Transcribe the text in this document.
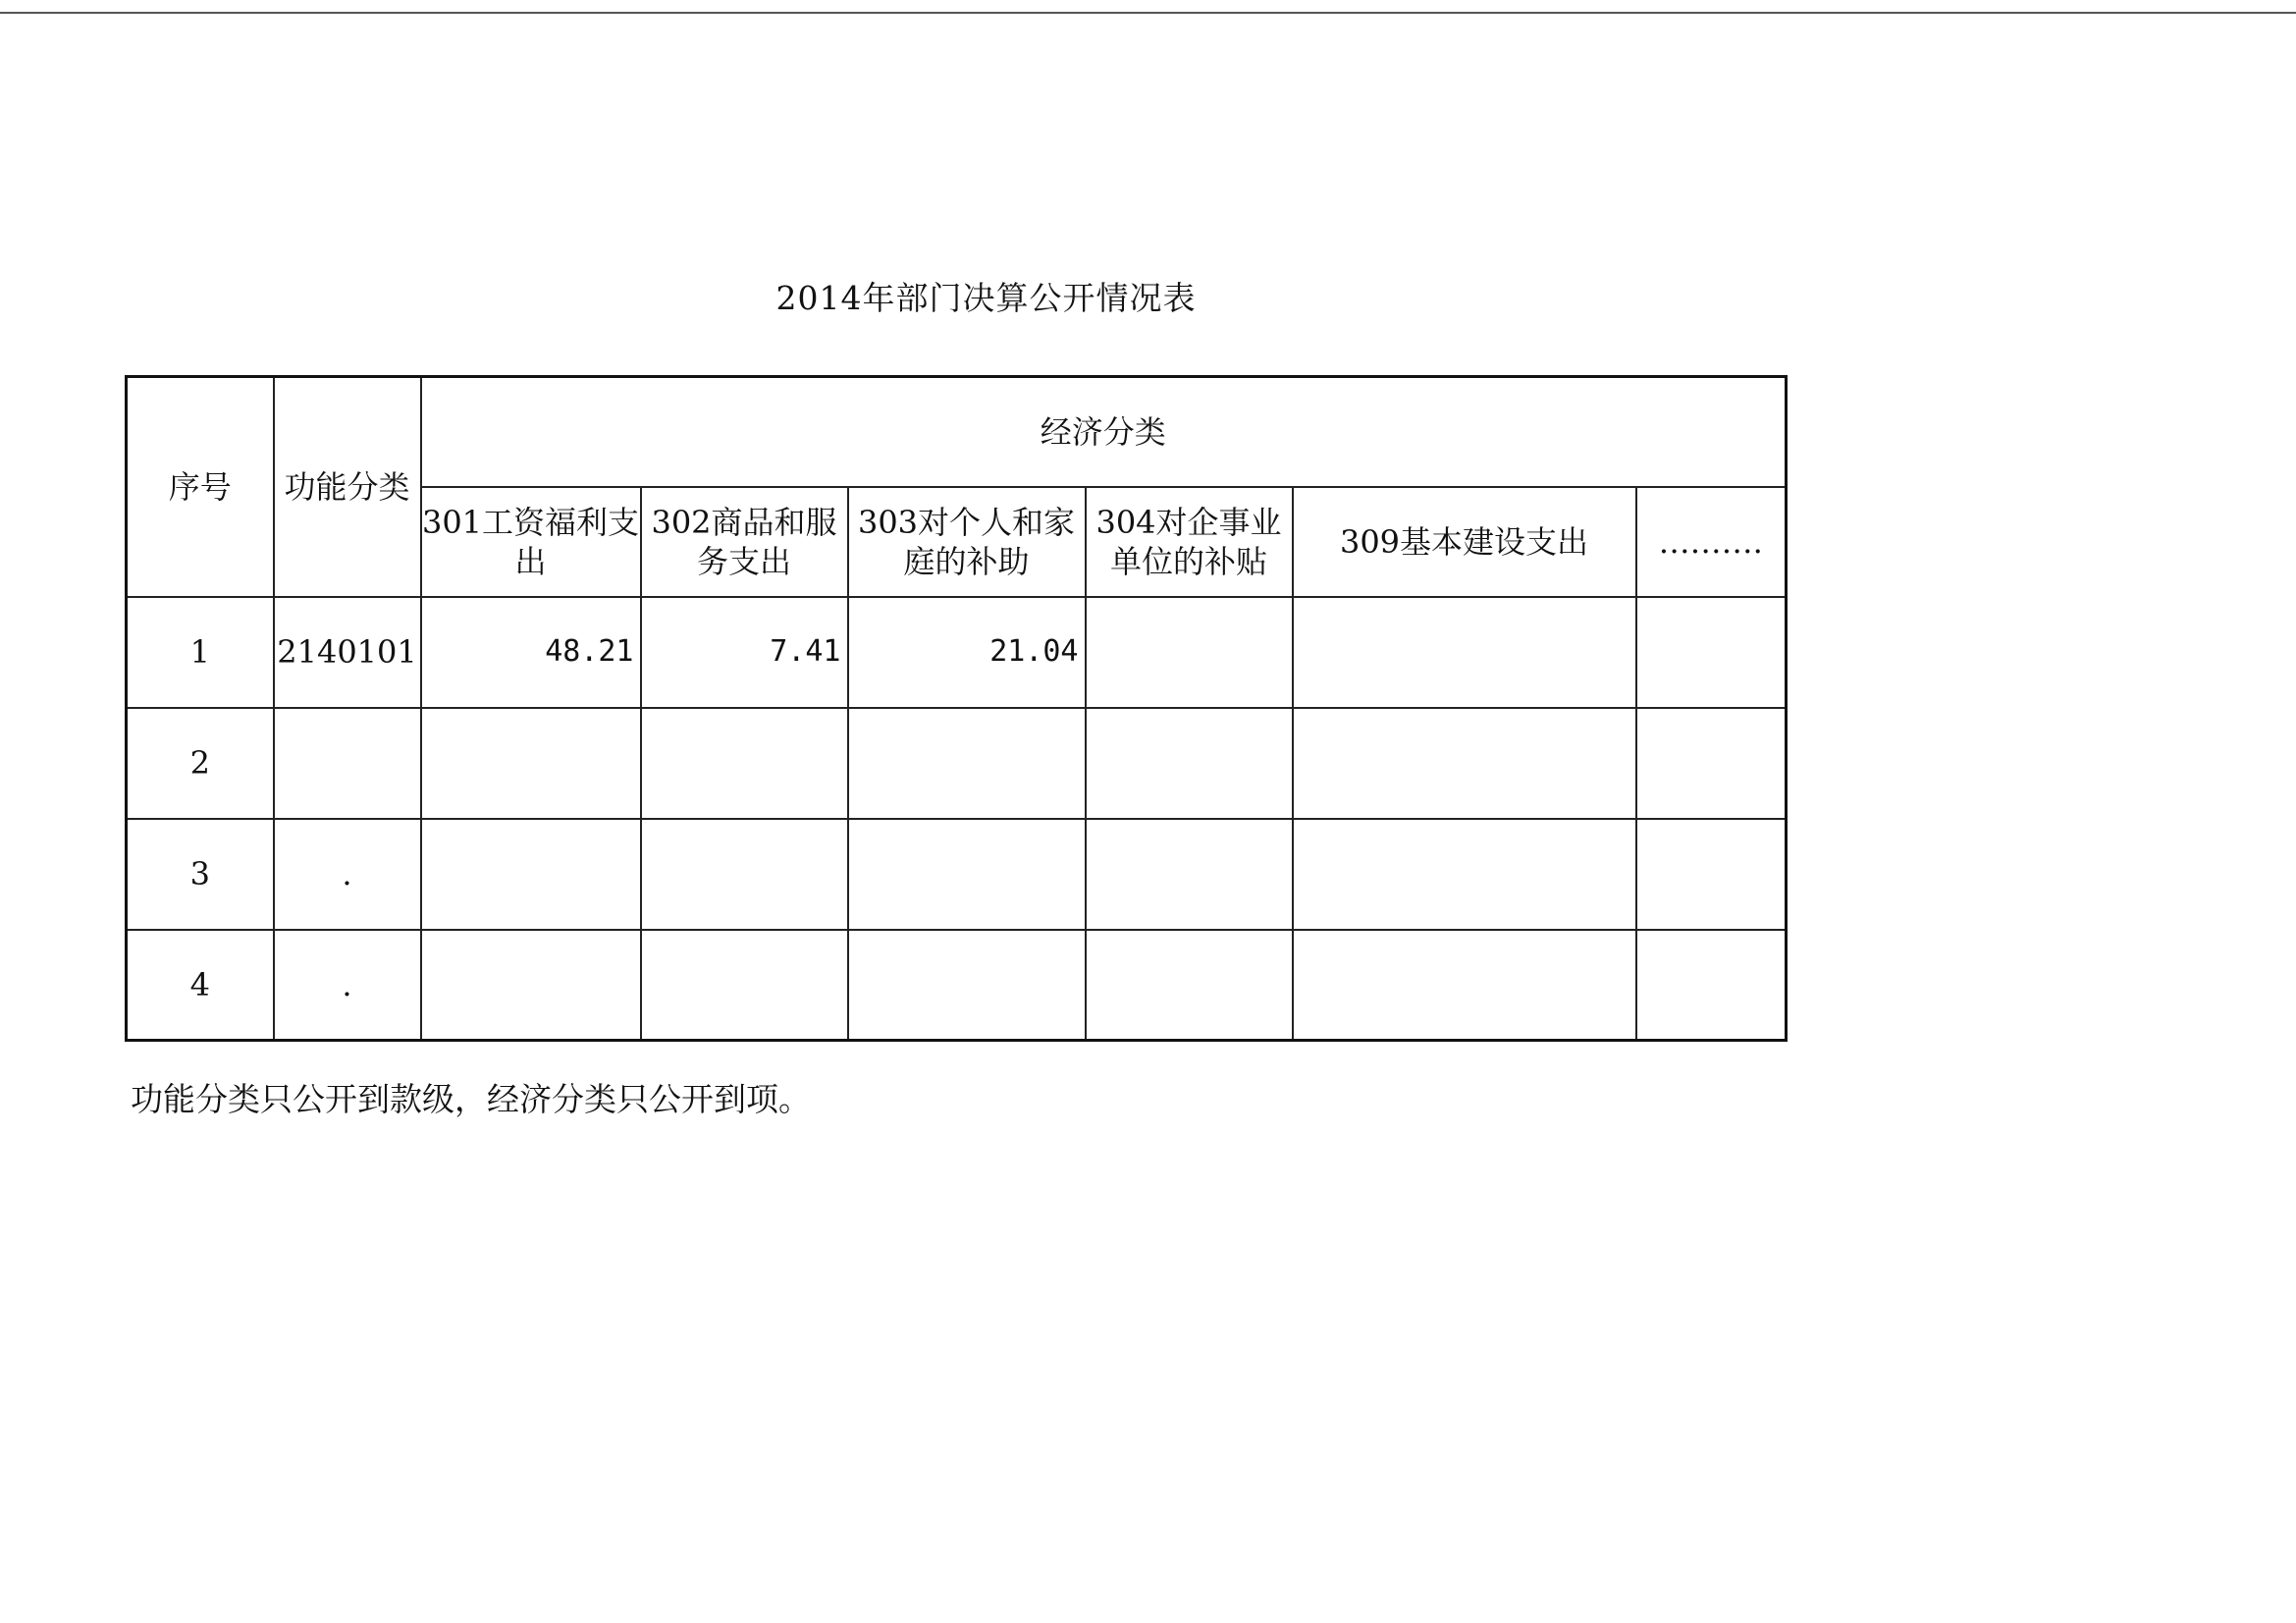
2014年部门决算公开情况表
序号	功能分类	经济分类					
		301工资福利支出	302商品和服务支出	303对个人和家庭的补助	304对企事业单位的补贴	309基本建设支出	……….
1	2140101	48.21	7.41	21.04			
2							
3	.						
4	.						
功能分类只公开到款级，经济分类只公开到项。
